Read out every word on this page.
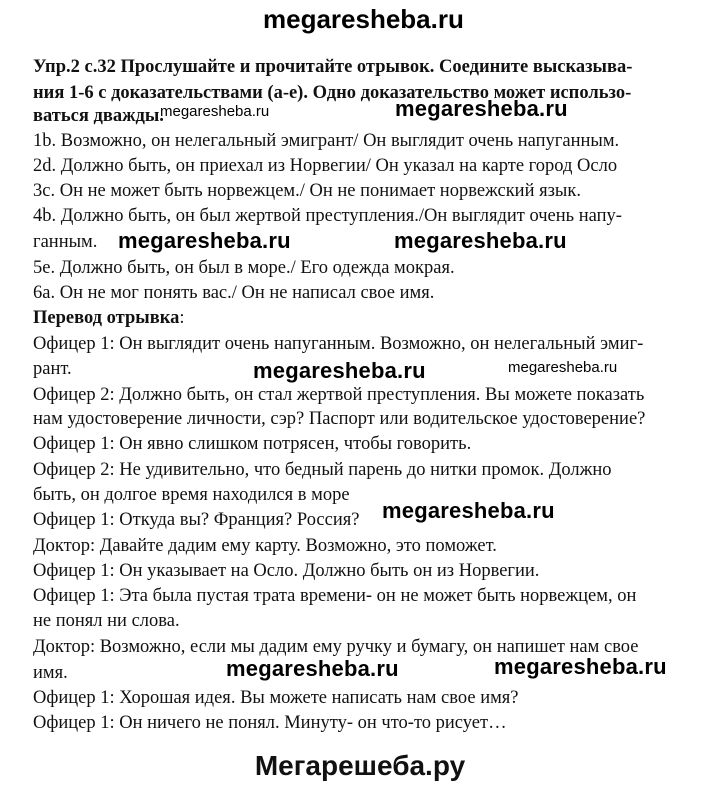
megaresheba.ru
Упр.2 с.32 Прослушайте и прочитайте отрывок. Соедините высказыва-
ния 1-6 с доказательствами (a-e). Одно доказательство может использо-
ваться дважды.
megaresheba.ru	megaresheba.ru
1b. Возможно, он нелегальный эмигрант/ Он выглядит очень напуганным.
2d. Должно быть, он приехал из Норвегии/ Он указал на карте город Осло
3c. Он не может быть норвежцем./ Он не понимает норвежский язык.
4b. Должно быть, он был жертвой преступления./Он выглядит очень напу-
ганным. megaresheba.ru	megaresheba.ru
5e. Должно быть, он был в море./ Его одежда мокрая.
6a. Он не мог понять вас./ Он не написал свое имя.
Перевод отрывка:
Офицер 1: Он выглядит очень напуганным. Возможно, он нелегальный эмиг-
рант.	megaresheba.ru	megaresheba.ru
Офицер 2: Должно быть, он стал жертвой преступления. Вы можете показать
нам удостоверение личности, сэр? Паспорт или водительское удостоверение?
Офицер 1: Он явно слишком потрясен, чтобы говорить.
Офицер 2: Не удивительно, что бедный парень до нитки промок. Должно
быть, он долгое время находился в море
megaresheba.ru
Офицер 1: Откуда вы? Франция? Россия?
Доктор: Давайте дадим ему карту. Возможно, это поможет.
Офицер 1: Он указывает на Осло. Должно быть он из Норвегии.
Офицер 1: Эта была пустая трата времени- он не может быть норвежцем, он
не понял ни слова.
Доктор: Возможно, если мы дадим ему ручку и бумагу, он напишет нам свое
имя.	megaresheba.ru	megaresheba.ru
Офицер 1: Хорошая идея. Вы можете написать нам свое имя?
Офицер 1: Он ничего не понял. Минуту- он что-то рисует…
Мегарешеба.ру
